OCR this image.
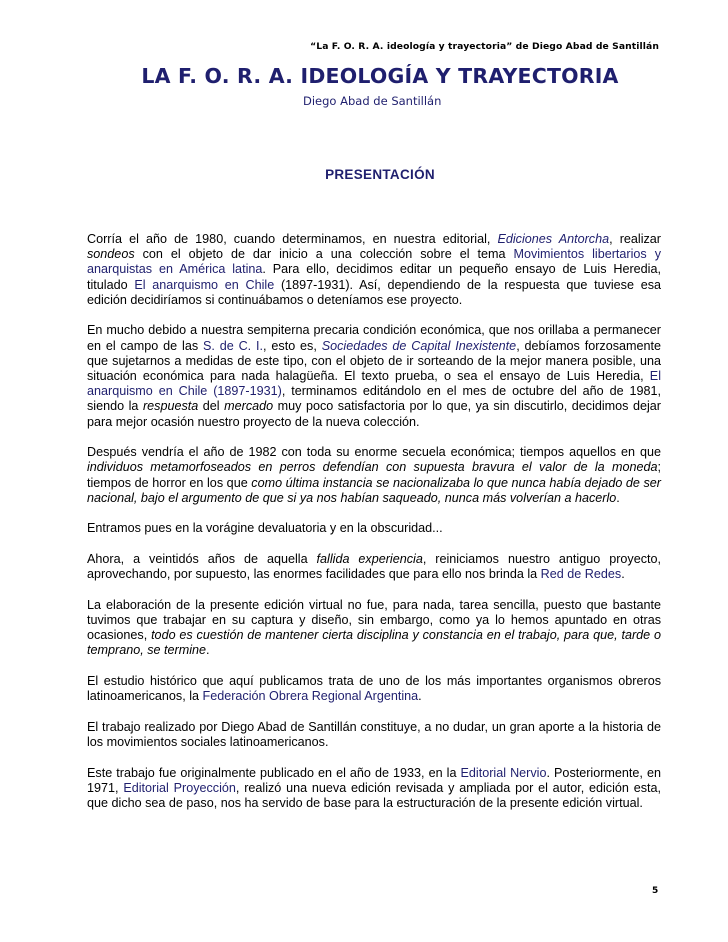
“La F. O. R. A. ideología y trayectoria” de Diego Abad de Santillán
LA F. O. R. A. IDEOLOGÍA Y TRAYECTORIA
Diego Abad de Santillán
PRESENTACIÓN

Corría el año de 1980, cuando determinamos, en nuestra editorial, Ediciones Antorcha, realizar sondeos con el objeto de dar inicio a una colección sobre el tema Movimientos libertarios y anarquistas en América latina. Para ello, decidimos editar un pequeño ensayo de Luis Heredia, titulado El anarquismo en Chile (1897-1931). Así, dependiendo de la respuesta que tuviese esa edición decidiríamos si continuábamos o deteníamos ese proyecto.

En mucho debido a nuestra sempiterna precaria condición económica, que nos orillaba a permanecer en el campo de las S. de C. I., esto es, Sociedades de Capital Inexistente, debíamos forzosamente que sujetarnos a medidas de este tipo, con el objeto de ir sorteando de la mejor manera posible, una situación económica para nada halagüeña. El texto prueba, o sea el ensayo de Luis Heredia, El anarquismo en Chile (1897-1931), terminamos editándolo en el mes de octubre del año de 1981, siendo la respuesta del mercado muy poco satisfactoria por lo que, ya sin discutirlo, decidimos dejar para mejor ocasión nuestro proyecto de la nueva colección.

Después vendría el año de 1982 con toda su enorme secuela económica; tiempos aquellos en que individuos metamorfoseados en perros defendían con supuesta bravura el valor de la moneda; tiempos de horror en los que como última instancia se nacionalizaba lo que nunca había dejado de ser nacional, bajo el argumento de que si ya nos habían saqueado, nunca más volverían a hacerlo.

Entramos pues en la vorágine devaluatoria y en la obscuridad...

Ahora, a veintidós años de aquella fallida experiencia, reiniciamos nuestro antiguo proyecto, aprovechando, por supuesto, las enormes facilidades que para ello nos brinda la Red de Redes.

La elaboración de la presente edición virtual no fue, para nada, tarea sencilla, puesto que bastante tuvimos que trabajar en su captura y diseño, sin embargo, como ya lo hemos apuntado en otras ocasiones, todo es cuestión de mantener cierta disciplina y constancia en el trabajo, para que, tarde o temprano, se termine.

El estudio histórico que aquí publicamos trata de uno de los más importantes organismos obreros latinoamericanos, la Federación Obrera Regional Argentina.

El trabajo realizado por Diego Abad de Santillán constituye, a no dudar, un gran aporte a la historia de los movimientos sociales latinoamericanos.

Este trabajo fue originalmente publicado en el año de 1933, en la Editorial Nervio. Posteriormente, en 1971, Editorial Proyección, realizó una nueva edición revisada y ampliada por el autor, edición esta, que dicho sea de paso, nos ha servido de base para la estructuración de la presente edición virtual.

5
